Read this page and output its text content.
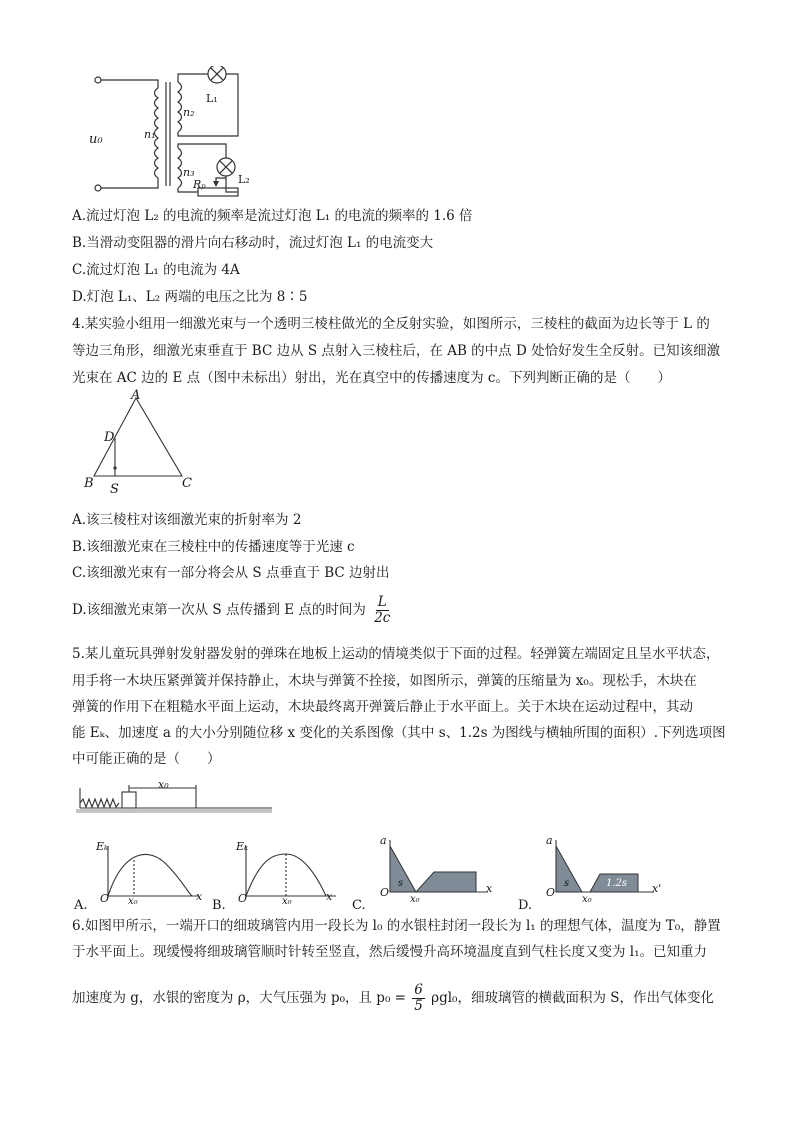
u₀	n₁
n₂
n₃
L₁
L₂
Rₚ
A.流过灯泡 L₂ 的电流的频率是流过灯泡 L₁ 的电流的频率的 1.6 倍
B.当滑动变阻器的滑片向右移动时，流过灯泡 L₁ 的电流变大
C.流过灯泡 L₁ 的电流为 4A
D.灯泡 L₁、L₂ 两端的电压之比为 8∶5
4.某实验小组用一细激光束与一个透明三棱柱做光的全反射实验，如图所示，三棱柱的截面为边长等于 L 的
等边三角形，细激光束垂直于 BC 边从 S 点射入三棱柱后，在 AB 的中点 D 处恰好发生全反射。已知该细激
光束在 AC 边的 E 点（图中未标出）射出，光在真空中的传播速度为 c。下列判断正确的是（　　）
A
D
B S	C
A.该三棱柱对该细激光束的折射率为 2
B.该细激光束在三棱柱中的传播速度等于光速 c
C.该细激光束有一部分将会从 S 点垂直于 BC 边射出
D.该细激光束第一次从 S 点传播到 E 点的时间为 $\frac{L}{2c}$
5.某儿童玩具弹射发射器发射的弹珠在地板上运动的情境类似于下面的过程。轻弹簧左端固定且呈水平状态，
用手将一木块压紧弹簧并保持静止，木块与弹簧不拴接，如图所示，弹簧的压缩量为 x₀。现松手，木块在
弹簧的作用下在粗糙水平面上运动，木块最终离开弹簧后静止于水平面上。关于木块在运动过程中，其动
能 Eₖ、加速度 a 的大小分别随位移 x 变化的关系图像（其中 s、1.2s 为图线与横轴所围的面积）.下列选项图
中可能正确的是（　　）
x₀
A.
Eₖ
O x₀	x
B.
Eₖ
O	x₀	x
C.
a
O
x₀
s	x
D.
a
O
x₀
s	1.2s x'
6.如图甲所示，一端开口的细玻璃管内用一段长为 l₀ 的水银柱封闭一段长为 l₁ 的理想气体，温度为 T₀，静置
于水平面上。现缓慢将细玻璃管顺时针转至竖直，然后缓慢升高环境温度直到气柱长度又变为 l₁。已知重力
加速度为 g，水银的密度为 ρ，大气压强为 p₀，且 $p_0 = \frac{6}{5} \rho gl_0$，细玻璃管的横截面积为 S，作出气体变化
